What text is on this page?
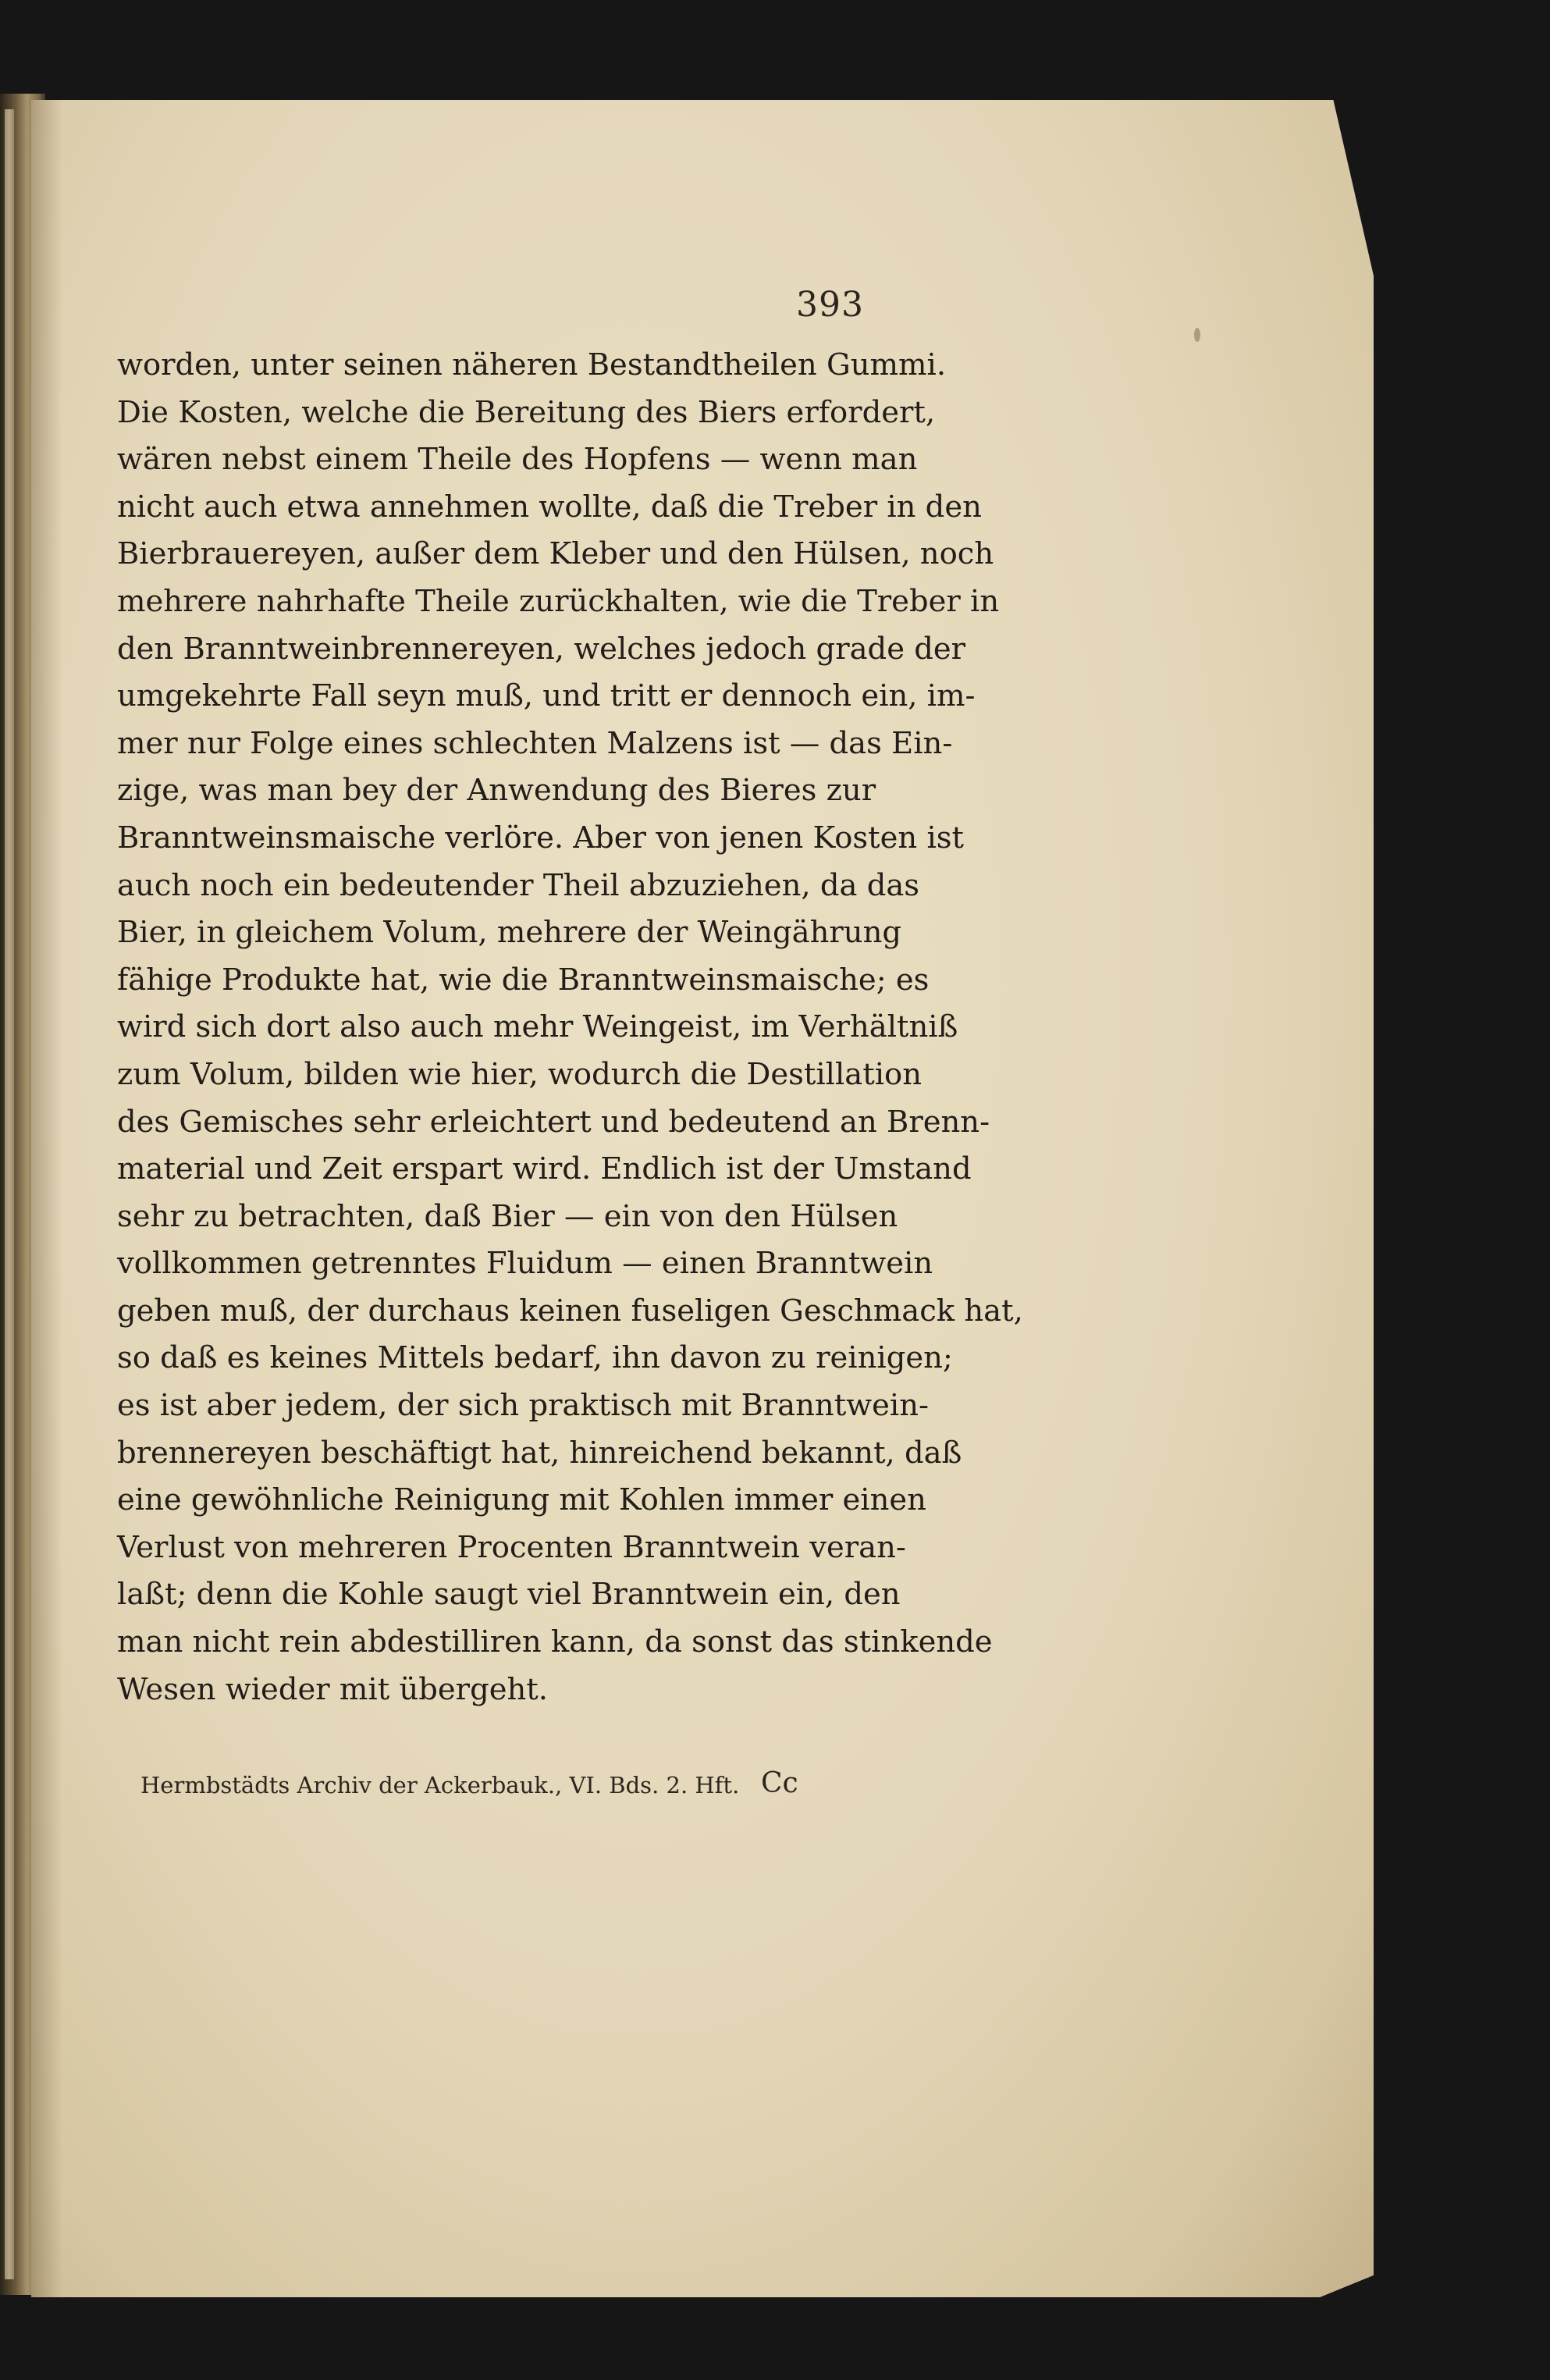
393
worden, unter seinen näheren Bestandtheilen Gummi.
Die Kosten, welche die Bereitung des Biers erfordert,
wären nebst einem Theile des Hopfens — wenn man
nicht auch etwa annehmen wollte, daß die Treber in den
Bierbrauereyen, außer dem Kleber und den Hülsen, noch
mehrere nahrhafte Theile zurückhalten, wie die Treber in
den Branntweinbrennereyen, welches jedoch grade der
umgekehrte Fall seyn muß, und tritt er dennoch ein, im-
mer nur Folge eines schlechten Malzens ist — das Ein-
zige, was man bey der Anwendung des Bieres zur
Branntweinsmaische verlöre. Aber von jenen Kosten ist
auch noch ein bedeutender Theil abzuziehen, da das
Bier, in gleichem Volum, mehrere der Weingährung
fähige Produkte hat, wie die Branntweinsmaische; es
wird sich dort also auch mehr Weingeist, im Verhältniß
zum Volum, bilden wie hier, wodurch die Destillation
des Gemisches sehr erleichtert und bedeutend an Brenn-
material und Zeit erspart wird. Endlich ist der Umstand
sehr zu betrachten, daß Bier — ein von den Hülsen
vollkommen getrenntes Fluidum — einen Branntwein
geben muß, der durchaus keinen fuseligen Geschmack hat,
so daß es keines Mittels bedarf, ihn davon zu reinigen;
es ist aber jedem, der sich praktisch mit Branntwein-
brennereyen beschäftigt hat, hinreichend bekannt, daß
eine gewöhnliche Reinigung mit Kohlen immer einen
Verlust von mehreren Procenten Branntwein veran-
laßt; denn die Kohle saugt viel Branntwein ein, den
man nicht rein abdestilliren kann, da sonst das stinkende
Wesen wieder mit übergeht.
Hermbstädts Archiv der Ackerbauk., VI. Bds. 2. Hft. Cc
